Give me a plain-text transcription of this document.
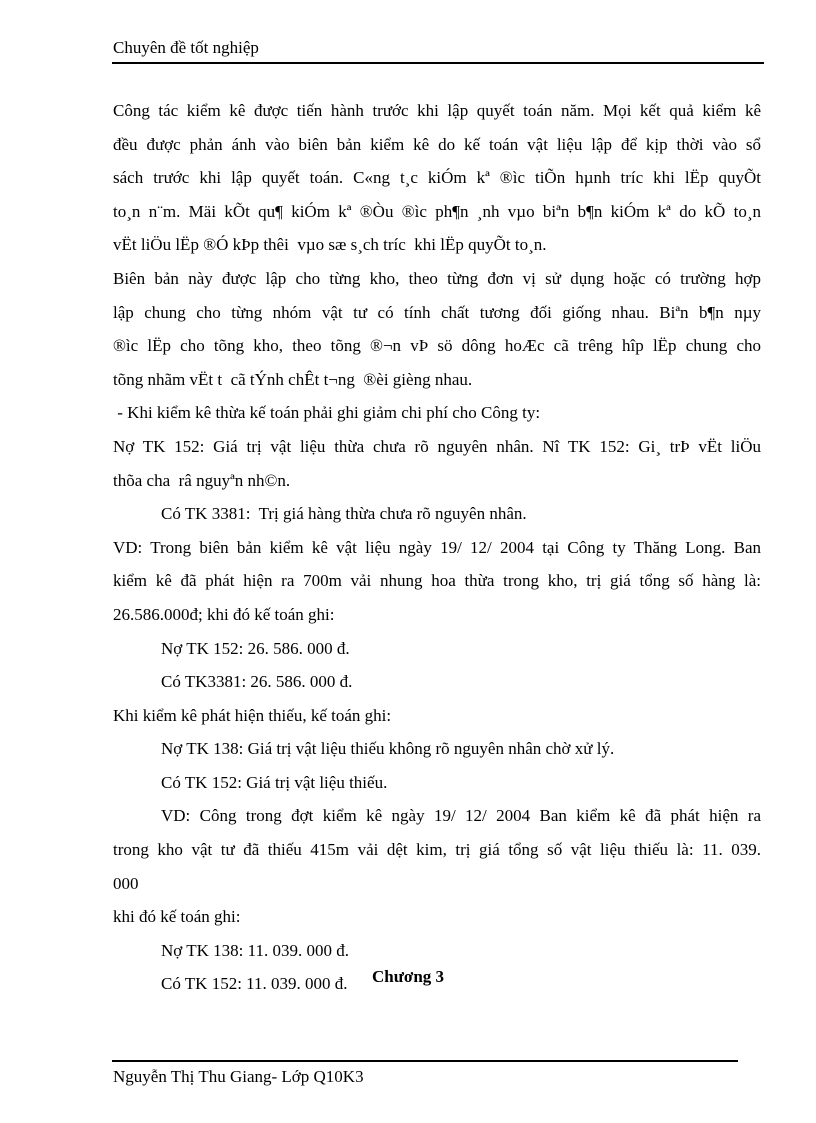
Chuyên đề tốt nghiệp
Công tác kiểm kê được tiến hành trước khi lập quyết toán năm. Mọi kết quả kiểm kê
đều được phản ánh vào biên bản kiểm kê do kế toán vật liệu lập để kịp thời vào sổ
sách trước khi lập quyết toán. C«ng t¸c kiÓm kª ®ìc tiÕn hµnh tríc khi lËp quyÕt
to¸n n¨m. Mäi kÕt qu¶ kiÓm kª ®Òu ®ìc ph¶n ¸nh vµo biªn b¶n kiÓm kª do kÕ to¸n
vËt liÖu lËp ®Ó kÞp thêi  vµo sæ s¸ch tríc  khi lËp quyÕt to¸n.
Biên bản này được lập cho từng kho, theo từng đơn vị sử dụng hoặc có trường hợp
lập chung cho từng nhóm vật tư có tính chất tương đối giống nhau. Biªn b¶n nµy
®ìc lËp cho tõng kho, theo tõng ®¬n vÞ sö dông hoÆc cã trêng hîp lËp chung cho
tõng nhãm vËt t  cã tÝnh chÊt t¬ng  ®èi gièng nhau.
- Khi kiểm kê thừa kế toán phải ghi giảm chi phí cho Công ty:
Nợ TK 152: Giá trị vật liệu thừa chưa rõ nguyên nhân. Nî TK 152: Gi¸ trÞ vËt liÖu
thõa cha  râ nguyªn nh©n.
Có TK 3381:  Trị giá hàng thừa chưa rõ nguyên nhân.
VD: Trong biên bản kiểm kê vật liệu ngày 19/ 12/ 2004 tại Công ty Thăng Long. Ban
kiểm kê đã phát hiện ra 700m vải nhung hoa thừa trong kho, trị giá tổng số hàng là:
26.586.000đ; khi đó kế toán ghi:
Nợ TK 152: 26. 586. 000 đ.
Có TK3381: 26. 586. 000 đ.
Khi kiểm kê phát hiện thiếu, kế toán ghi:
Nợ TK 138: Giá trị vật liệu thiếu không rõ nguyên nhân chờ xử lý.
Có TK 152: Giá trị vật liệu thiếu.
VD: Công trong đợt kiểm kê ngày 19/ 12/ 2004 Ban kiểm kê đã phát hiện ra
trong kho vật tư đã thiếu 415m vải dệt kim, trị giá tổng số vật liệu thiếu là: 11. 039.
000
khi đó kế toán ghi:
Nợ TK 138: 11. 039. 000 đ.
Có TK 152: 11. 039. 000 đ.	Chương 3
Nguyễn Thị Thu Giang- Lớp Q10K3
